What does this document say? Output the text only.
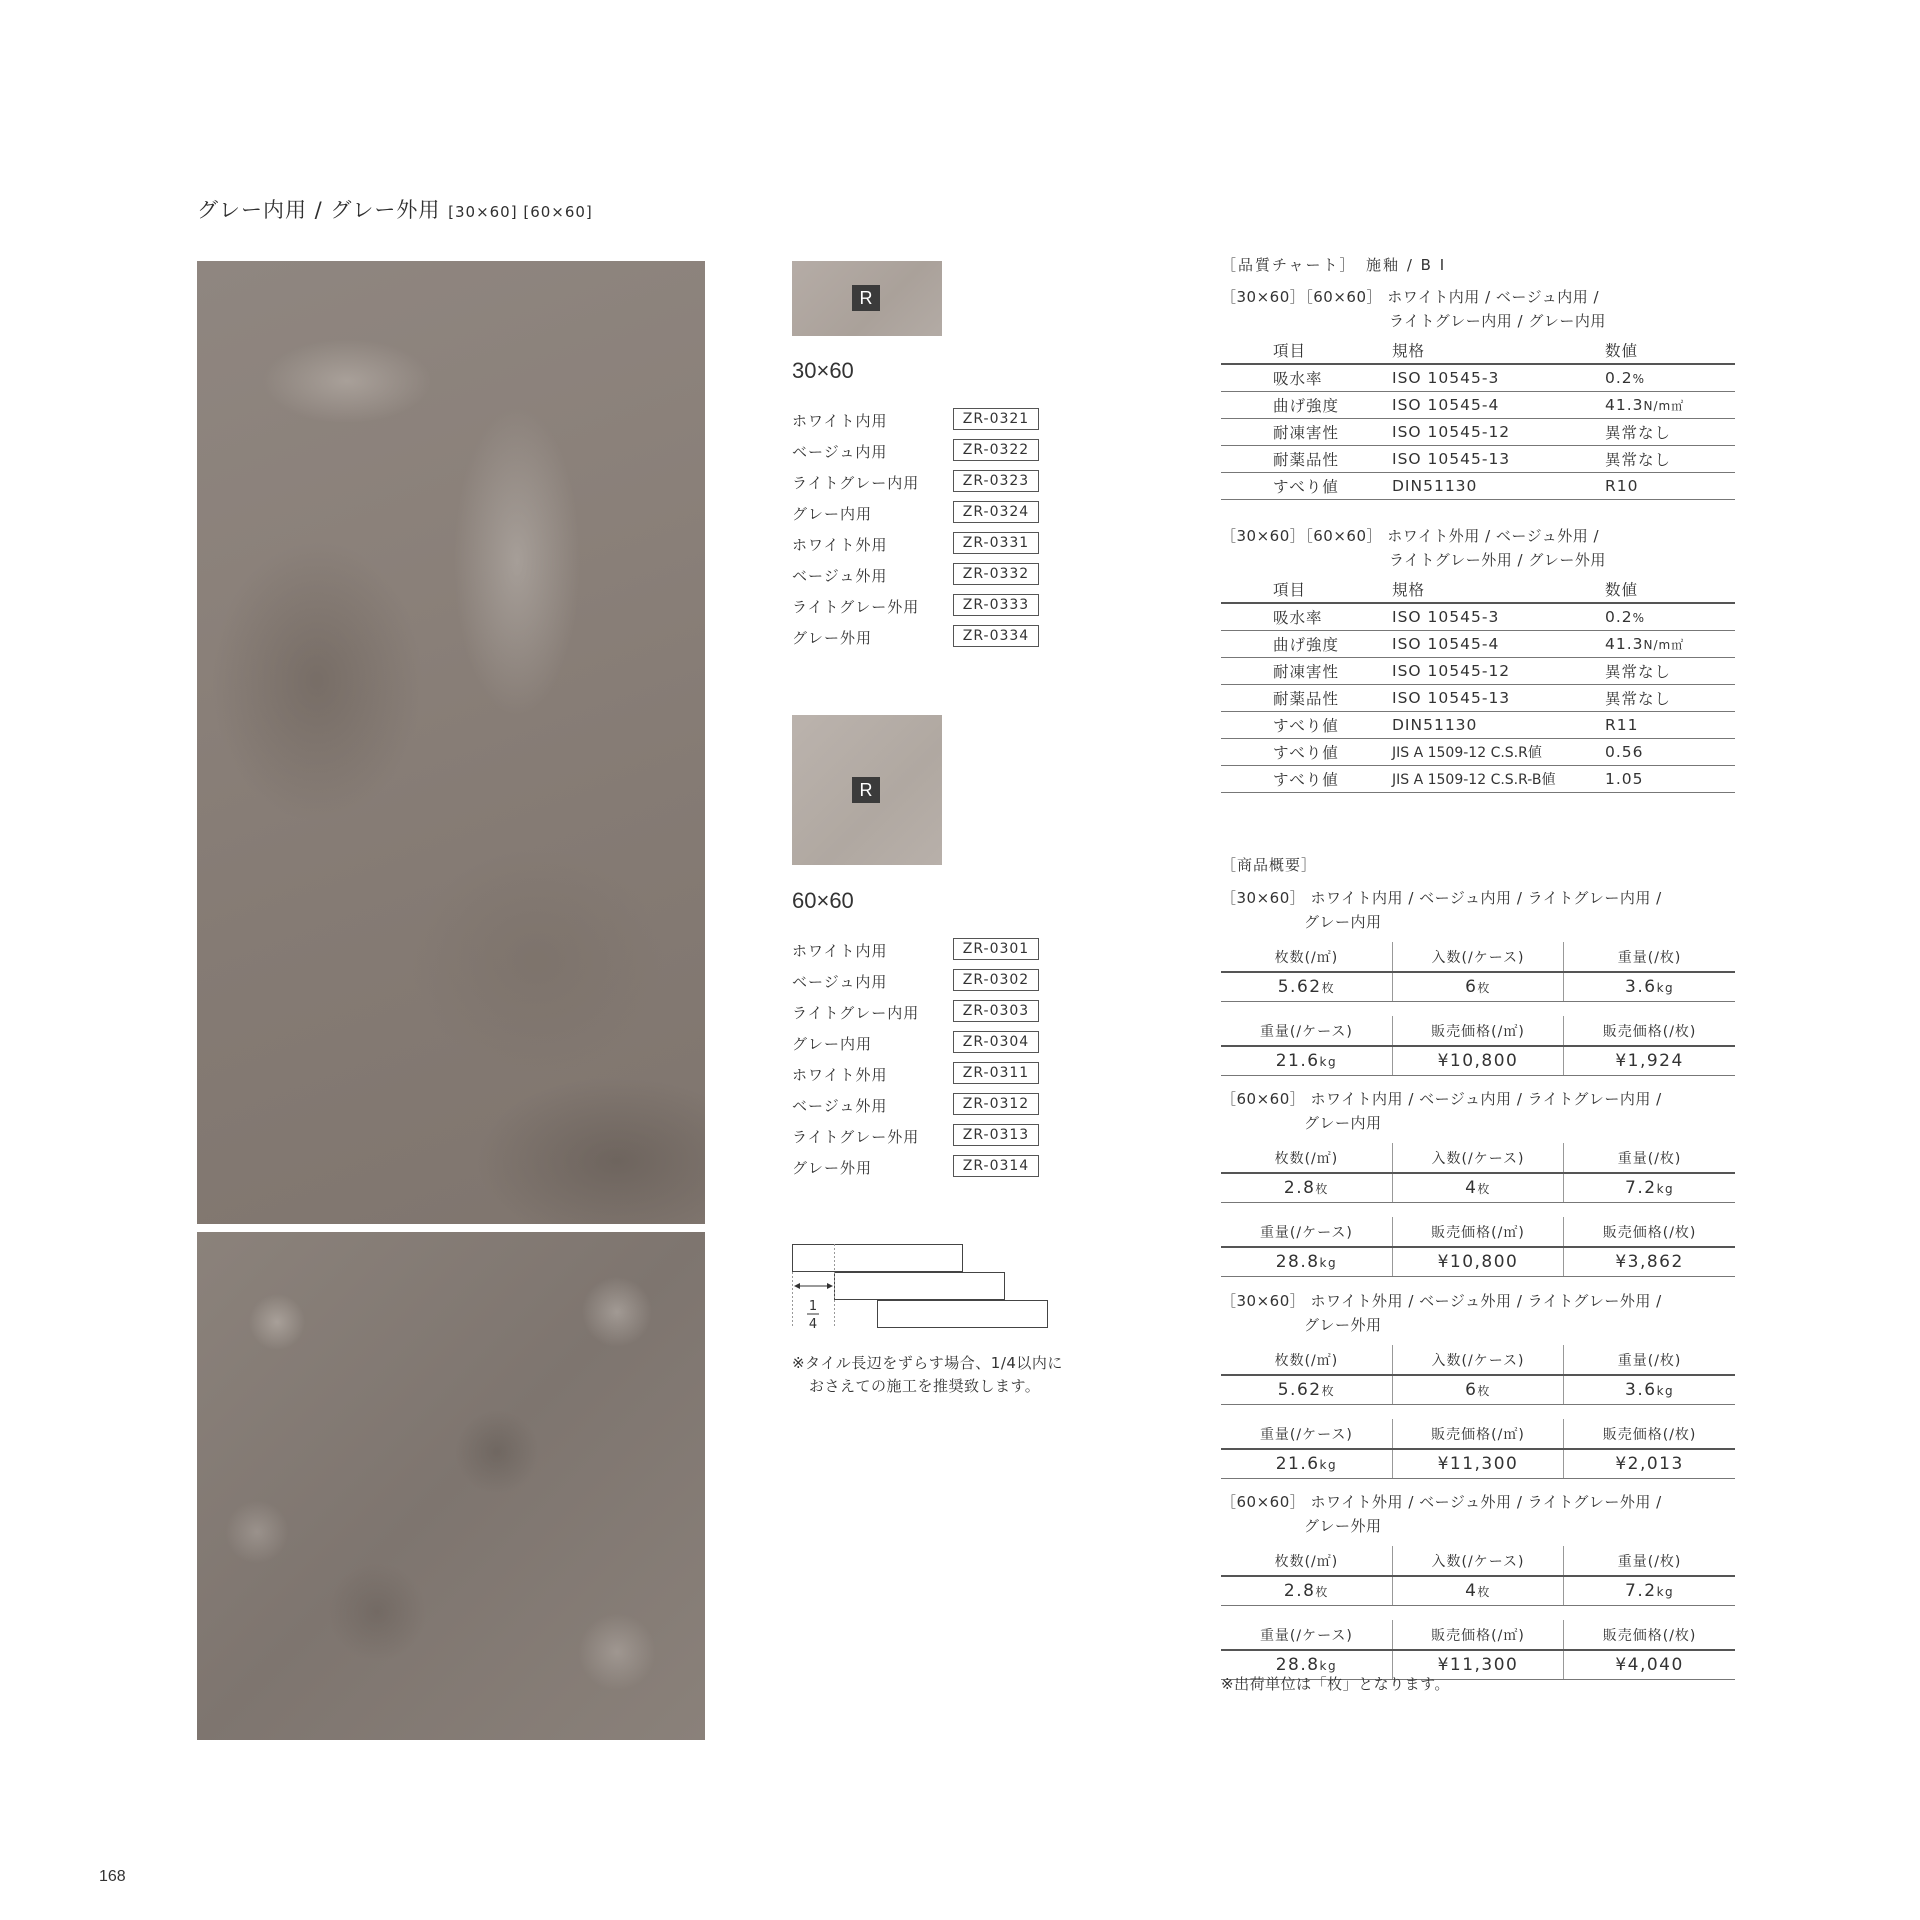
グレー内用 / グレー外用 [30×60] [60×60]
R
30×60
ホワイト内用	ZR-0321
ベージュ内用	ZR-0322
ライトグレー内用	ZR-0323
グレー内用	ZR-0324
ホワイト外用	ZR-0331
ベージュ外用	ZR-0332
ライトグレー外用	ZR-0333
グレー外用	ZR-0334
R
60×60
ホワイト内用	ZR-0301
ベージュ内用	ZR-0302
ライトグレー内用	ZR-0303
グレー内用	ZR-0304
ホワイト外用	ZR-0311
ベージュ外用	ZR-0312
ライトグレー外用	ZR-0313
グレー外用	ZR-0314
1
4
※タイル長辺をずらす場合、1/4以内に
おさえての施工を推奨致します。
［品質チャート］　施釉 / B I
［30×60］［60×60］ ホワイト内用 / ベージュ内用 /
ライトグレー内用 / グレー内用
項目	規格	数値
吸水率	ISO 10545-3	0.2%
曲げ強度	ISO 10545-4	41.3N/m㎡
耐凍害性	ISO 10545-12	異常なし
耐薬品性	ISO 10545-13	異常なし
すべり値	DIN51130	R10
［30×60］［60×60］ ホワイト外用 / ベージュ外用 /
ライトグレー外用 / グレー外用
項目	規格	数値
吸水率	ISO 10545-3	0.2%
曲げ強度	ISO 10545-4	41.3N/m㎡
耐凍害性	ISO 10545-12	異常なし
耐薬品性	ISO 10545-13	異常なし
すべり値	DIN51130	R11
すべり値	JIS A 1509-12 C.S.R値	0.56
すべり値	JIS A 1509-12 C.S.R-B値	1.05
［商品概要］
［30×60］ ホワイト内用 / ベージュ内用 / ライトグレー内用 /
グレー内用
枚数(/㎡)	入数(/ケース)	重量(/枚)
5.62枚	6枚	3.6kg
重量(/ケース)	販売価格(/㎡)	販売価格(/枚)
21.6kg	¥10,800	¥1,924
［60×60］ ホワイト内用 / ベージュ内用 / ライトグレー内用 /
グレー内用
枚数(/㎡)	入数(/ケース)	重量(/枚)
2.8枚	4枚	7.2kg
重量(/ケース)	販売価格(/㎡)	販売価格(/枚)
28.8kg	¥10,800	¥3,862
［30×60］ ホワイト外用 / ベージュ外用 / ライトグレー外用 /
グレー外用
枚数(/㎡)	入数(/ケース)	重量(/枚)
5.62枚	6枚	3.6kg
重量(/ケース)	販売価格(/㎡)	販売価格(/枚)
21.6kg	¥11,300	¥2,013
［60×60］ ホワイト外用 / ベージュ外用 / ライトグレー外用 /
グレー外用
枚数(/㎡)	入数(/ケース)	重量(/枚)
2.8枚	4枚	7.2kg
重量(/ケース)	販売価格(/㎡)	販売価格(/枚)
28.8kg	¥11,300	¥4,040
※出荷単位は「枚」となります。
168
